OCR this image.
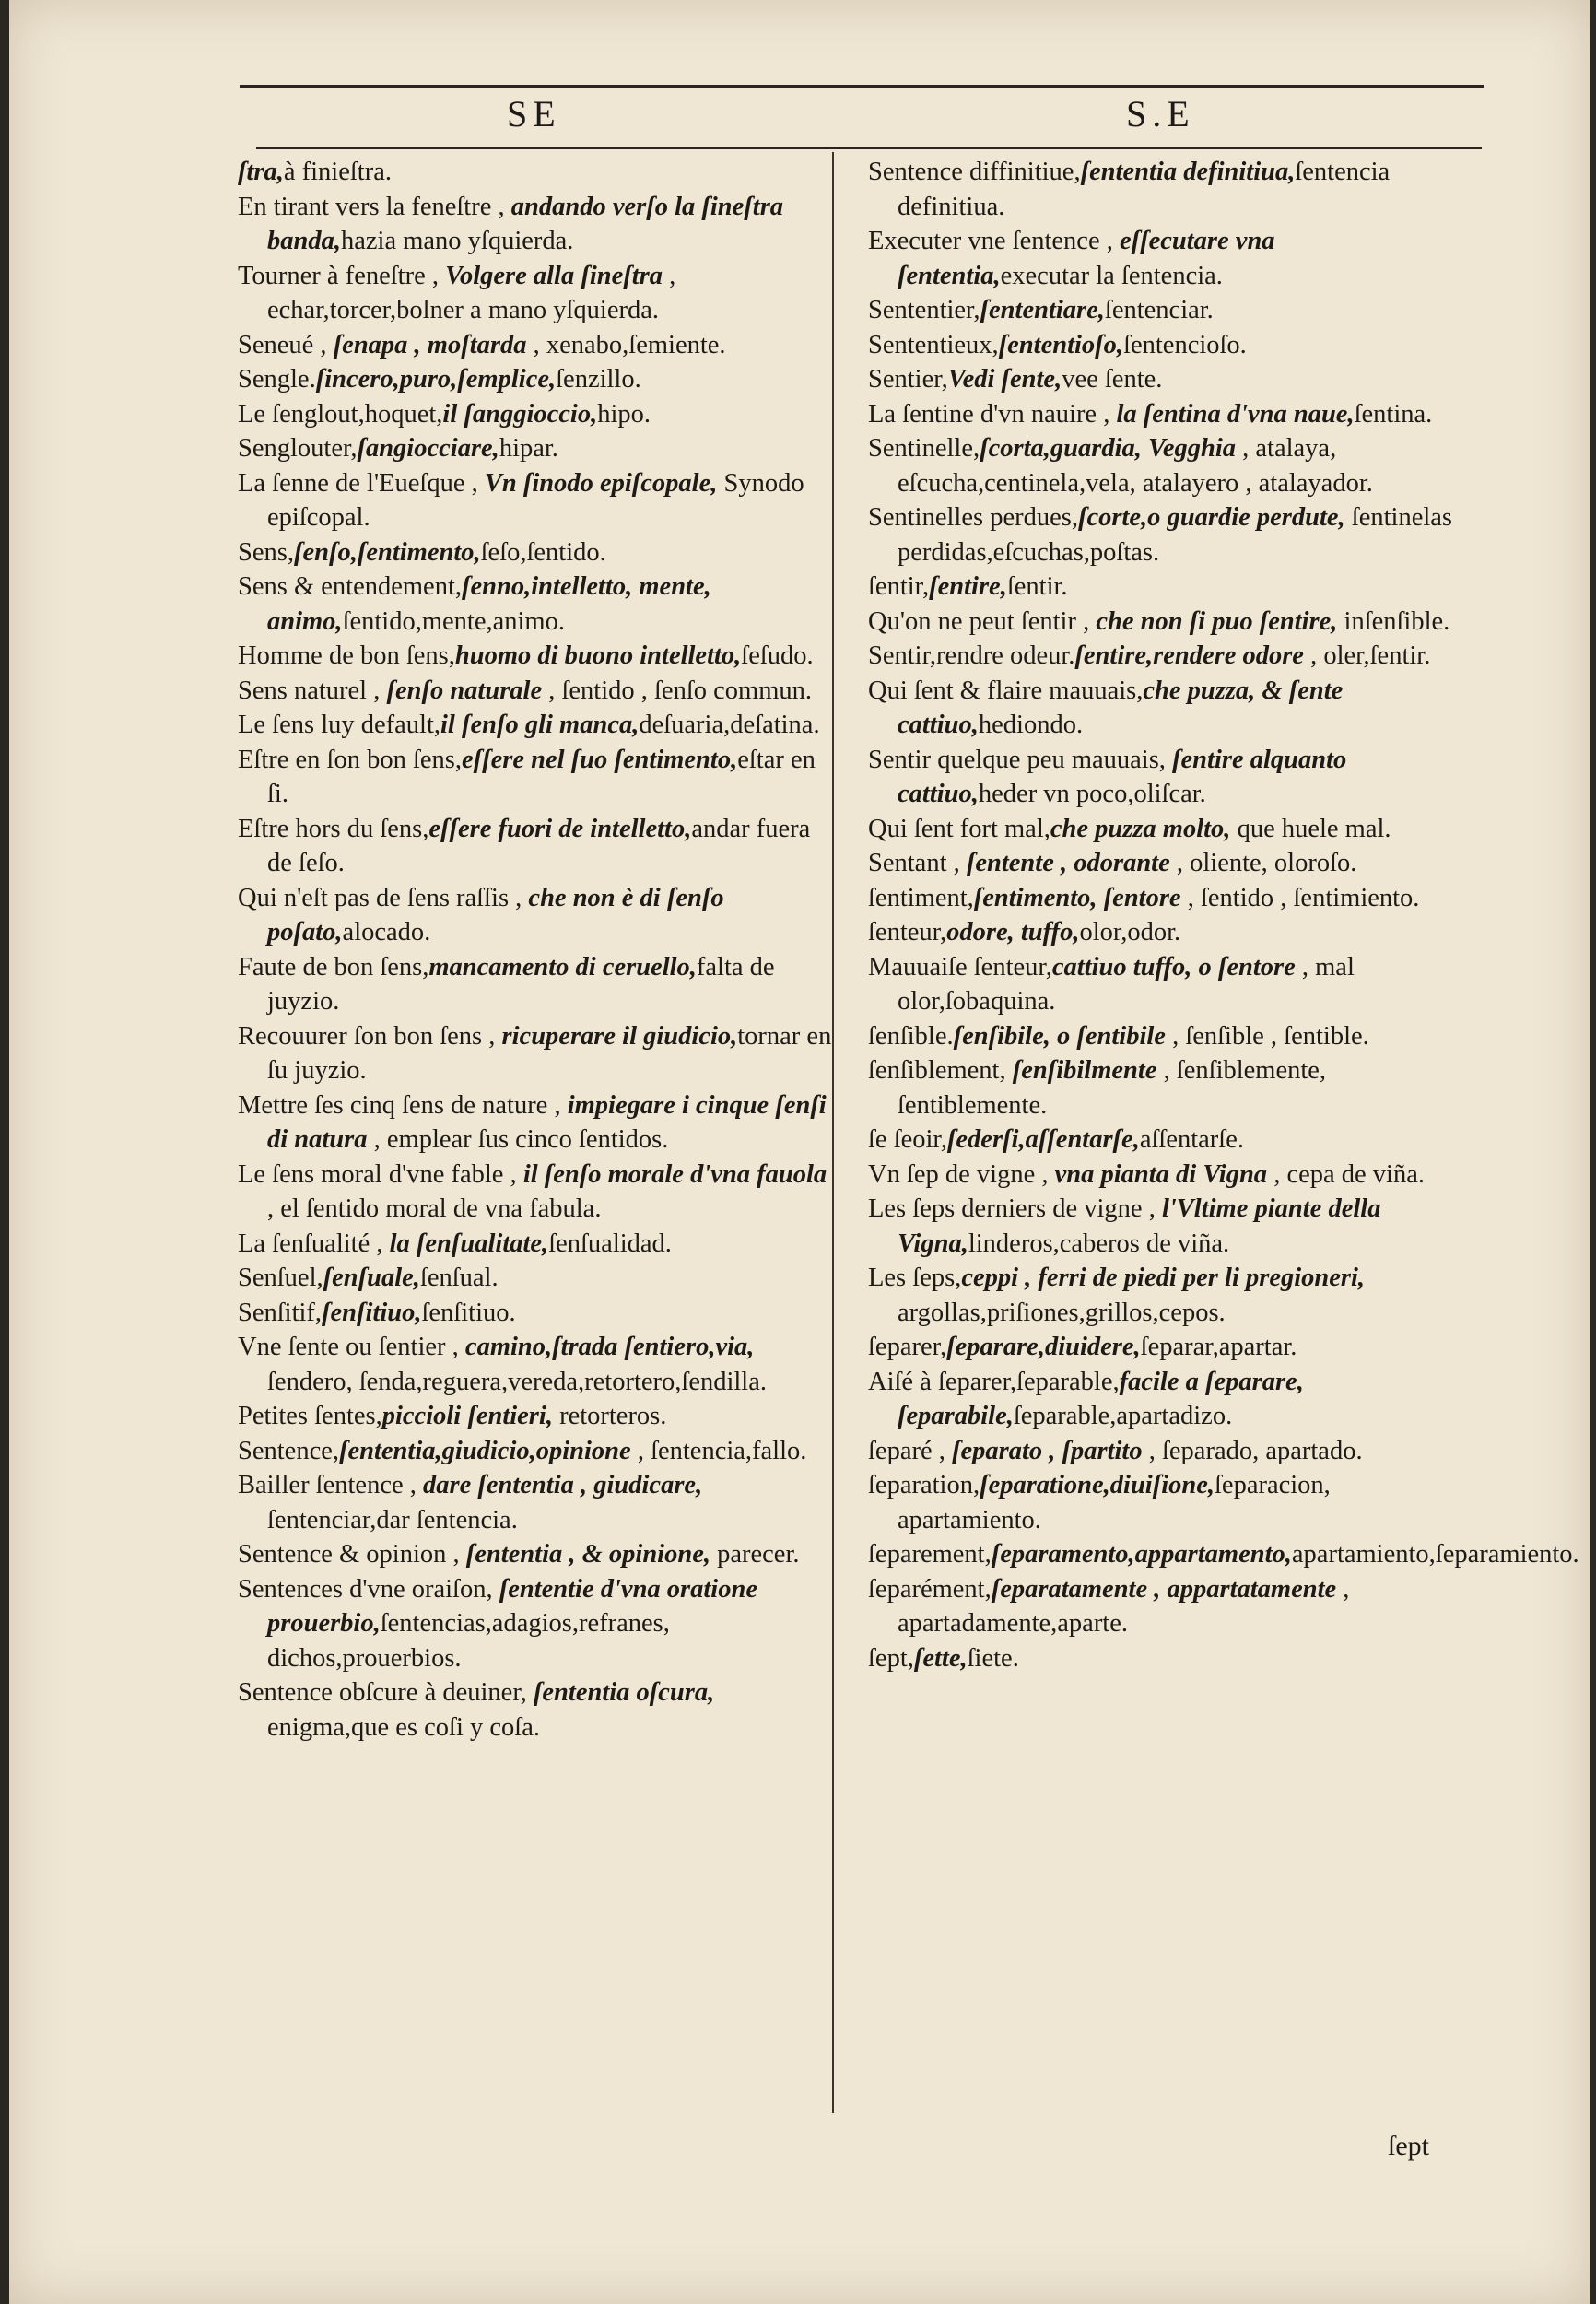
SE	S.E

ſtra,à finieſtra.

En tirant vers la feneſtre , andando verſo la ſineſtra banda,hazia mano yſquierda.

Tourner à feneſtre , Volgere alla ſineſtra , echar,torcer,bolner a mano yſquierda.

Seneué , ſenapa , moſtarda , xenabo,ſemiente.

Sengle.ſincero,puro,ſemplice,ſenzillo.

Le ſenglout,hoquet,il ſanggioccio,hipo.

Senglouter,ſangiocciare,hipar.

La ſenne de l'Eueſque , Vn ſinodo epiſcopale, Synodo epiſcopal.

Sens,ſenſo,ſentimento,ſeſo,ſentido.

Sens & entendement,ſenno,intelletto, mente, animo,ſentido,mente,animo.

Homme de bon ſens,huomo di buono intelletto,ſeſudo.

Sens naturel , ſenſo naturale , ſentido , ſenſo commun.

Le ſens luy default,il ſenſo gli manca,deſuaria,deſatina.

Eſtre en ſon bon ſens,eſſere nel ſuo ſentimento,eſtar en ſi.

Eſtre hors du ſens,eſſere fuori de intelletto,andar fuera de ſeſo.

Qui n'eſt pas de ſens raſſis , che non è di ſenſo poſato,alocado.

Faute de bon ſens,mancamento di ceruello,falta de juyzio.

Recouurer ſon bon ſens , ricuperare il giudicio,tornar en ſu juyzio.

Mettre ſes cinq ſens de nature , impiegare i cinque ſenſi di natura , emplear ſus cinco ſentidos.

Le ſens moral d'vne fable , il ſenſo morale d'vna fauola , el ſentido moral de vna fabula.

La ſenſualité , la ſenſualitate,ſenſualidad.

Senſuel,ſenſuale,ſenſual.

Senſitif,ſenſitiuo,ſenſitiuo.

Vne ſente ou ſentier , camino,ſtrada ſentiero,via, ſendero, ſenda,reguera,vereda,retortero,ſendilla.

Petites ſentes,piccioli ſentieri, retorteros.

Sentence,ſententia,giudicio,opinione , ſentencia,fallo.

Bailler ſentence , dare ſententia , giudicare, ſentenciar,dar ſentencia.

Sentence & opinion , ſententia , & opinione, parecer.

Sentences d'vne oraiſon, ſententie d'vna oratione prouerbio,ſentencias,adagios,refranes, dichos,prouerbios.

Sentence obſcure à deuiner, ſententia oſcura, enigma,que es coſi y coſa.

Sentence diffinitiue,ſententia definitiua,ſentencia definitiua.

Executer vne ſentence , eſſecutare vna ſententia,executar la ſentencia.

Sententier,ſententiare,ſentenciar.

Sententieux,ſententioſo,ſentencioſo.

Sentier,Vedi ſente,vee ſente.

La ſentine d'vn nauire , la ſentina d'vna naue,ſentina.

Sentinelle,ſcorta,guardia, Vegghia , atalaya, eſcucha,centinela,vela, atalayero , atalayador.

Sentinelles perdues,ſcorte,o guardie perdute, ſentinelas perdidas,eſcuchas,poſtas.

ſentir,ſentire,ſentir.

Qu'on ne peut ſentir , che non ſi puo ſentire, inſenſible.

Sentir,rendre odeur.ſentire,rendere odore , oler,ſentir.

Qui ſent & flaire mauuais,che puzza, & ſente cattiuo,hediondo.

Sentir quelque peu mauuais, ſentire alquanto cattiuo,heder vn poco,oliſcar.

Qui ſent fort mal,che puzza molto, que huele mal.

Sentant , ſentente , odorante , oliente, oloroſo.

ſentiment,ſentimento, ſentore , ſentido , ſentimiento.

ſenteur,odore, tuffo,olor,odor.

Mauuaiſe ſenteur,cattiuo tuffo, o ſentore , mal olor,ſobaquina.

ſenſible.ſenſibile, o ſentibile , ſenſible , ſentible.

ſenſiblement, ſenſibilmente , ſenſiblemente, ſentiblemente.

ſe ſeoir,ſederſi,aſſentarſe,aſſentarſe.

Vn ſep de vigne , vna pianta di Vigna , cepa de viña.

Les ſeps derniers de vigne , l'Vltime piante della Vigna,linderos,caberos de viña.

Les ſeps,ceppi , ferri de piedi per li pregioneri, argollas,priſiones,grillos,cepos.

ſeparer,ſeparare,diuidere,ſeparar,apartar.

Aiſé à ſeparer,ſeparable,facile a ſeparare, ſeparabile,ſeparable,apartadizo.

ſeparé , ſeparato , ſpartito , ſeparado, apartado.

ſeparation,ſeparatione,diuiſione,ſeparacion, apartamiento.

ſeparement,ſeparamento,appartamento,apartamiento,ſeparamiento.

ſeparément,ſeparatamente , appartatamente , apartadamente,aparte.

ſept,ſette,ſiete.

ſept
